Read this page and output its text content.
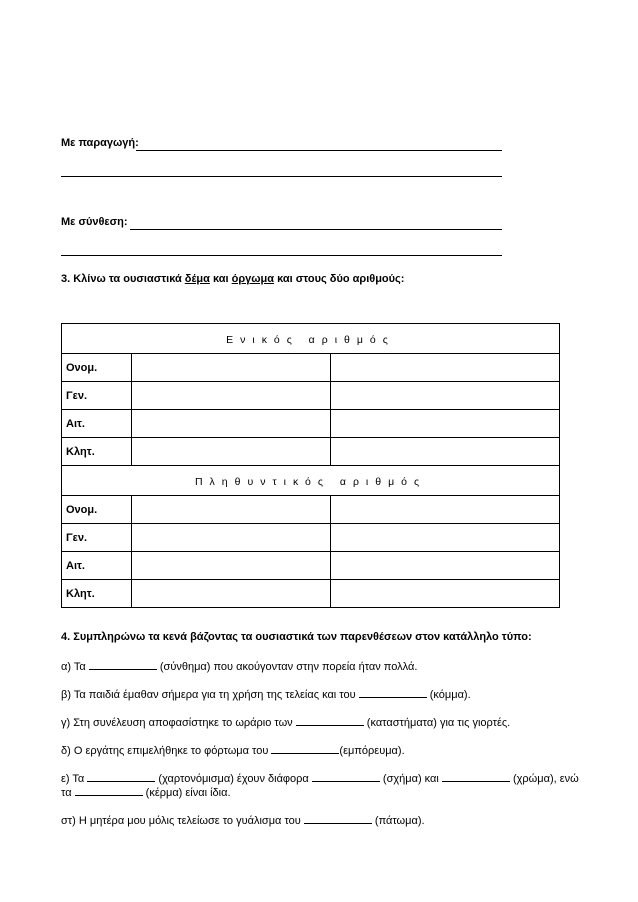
Με παραγωγή:
Με σύνθεση:
3. Κλίνω τα ουσιαστικά δέμα και όργωμα και στους δύο αριθμούς:
Ενικός αριθμός		
Ονομ.		
Γεν.		
Αιτ.		
Κλητ.		
Πληθυντικός αριθμός		
Ονομ.		
Γεν.		
Αιτ.		
Κλητ.		
4. Συμπληρώνω τα κενά βάζοντας τα ουσιαστικά των παρενθέσεων στον κατάλληλο τύπο:
α) Τα	(σύνθημα) που ακούγονταν στην πορεία ήταν πολλά.
β) Τα παιδιά έμαθαν σήμερα για τη χρήση της τελείας και του	(κόμμα).
γ) Στη συνέλευση αποφασίστηκε το ωράριο των	(καταστήματα) για τις γιορτές.
δ) Ο εργάτης επιμελήθηκε το φόρτωμα του	(εμπόρευμα).
ε) Τα	(χαρτονόμισμα) έχουν διάφορα	(σχήμα) και	(χρώμα), ενώ
τα	(κέρμα) είναι ίδια.
στ) Η μητέρα μου μόλις τελείωσε το γυάλισμα του	(πάτωμα).
